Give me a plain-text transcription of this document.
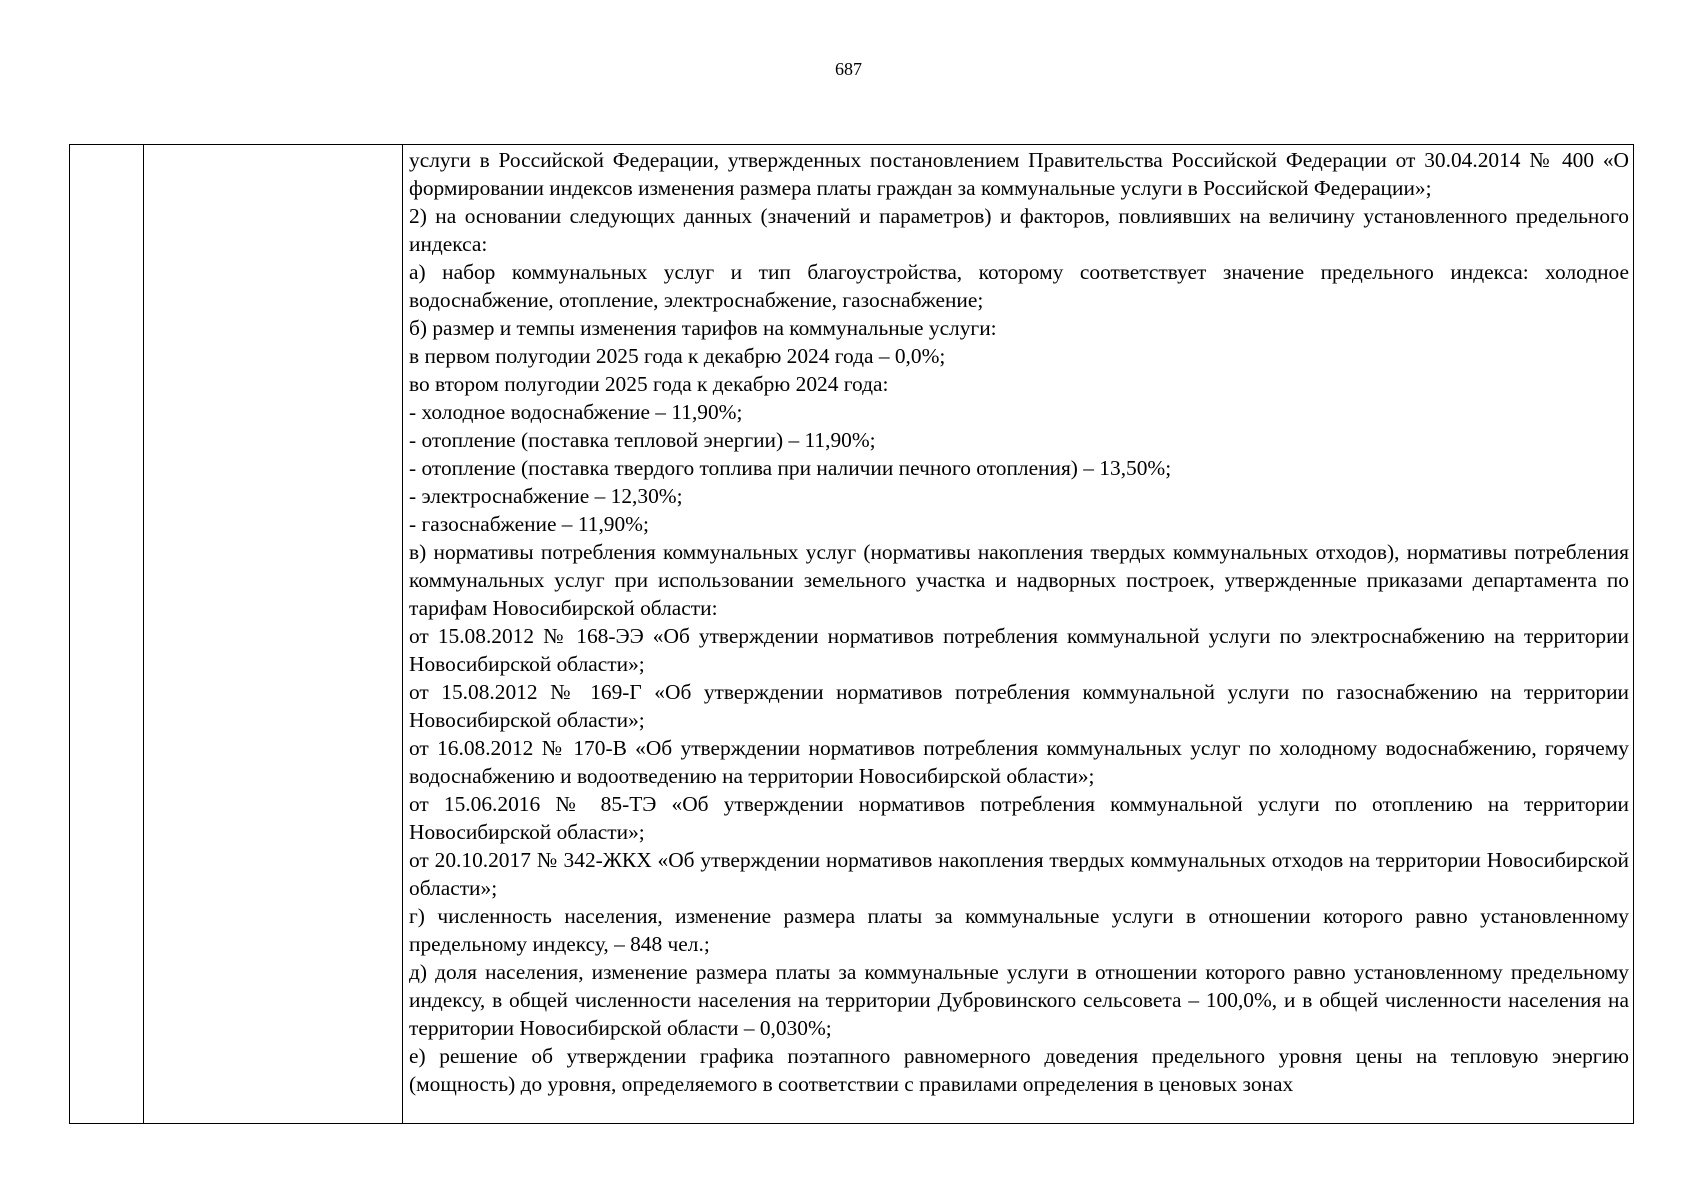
687

услуги в Российской Федерации, утвержденных постановлением Правительства Российской Федерации от 30.04.2014 № 400 «О формировании индексов изменения размера платы граждан за коммунальные услуги в Российской Федерации»;

2) на основании следующих данных (значений и параметров) и факторов, повлиявших на величину установленного предельного индекса:

а) набор коммунальных услуг и тип благоустройства, которому соответствует значение предельного индекса: холодное водоснабжение, отопление, электроснабжение, газоснабжение;

б) размер и темпы изменения тарифов на коммунальные услуги:

в первом полугодии 2025 года к декабрю 2024 года – 0,0%;

во втором полугодии 2025 года к декабрю 2024 года:

- холодное водоснабжение – 11,90%;

- отопление (поставка тепловой энергии) – 11,90%;

- отопление (поставка твердого топлива при наличии печного отопления) – 13,50%;

- электроснабжение – 12,30%;

- газоснабжение – 11,90%;

в) нормативы потребления коммунальных услуг (нормативы накопления твердых коммунальных отходов), нормативы потребления коммунальных услуг при использовании земельного участка и надворных построек, утвержденные приказами департамента по тарифам Новосибирской области:

от 15.08.2012 № 168-ЭЭ «Об утверждении нормативов потребления коммунальной услуги по электроснабжению на территории Новосибирской области»;

от 15.08.2012 № 169-Г «Об утверждении нормативов потребления коммунальной услуги по газоснабжению на территории Новосибирской области»;

от 16.08.2012 № 170-В «Об утверждении нормативов потребления коммунальных услуг по холодному водоснабжению, горячему водоснабжению и водоотведению на территории Новосибирской области»;

от 15.06.2016 № 85-ТЭ «Об утверждении нормативов потребления коммунальной услуги по отоплению на территории Новосибирской области»;

от 20.10.2017 № 342-ЖКХ «Об утверждении нормативов накопления твердых коммунальных отходов на территории Новосибирской области»;

г) численность населения, изменение размера платы за коммунальные услуги в отношении которого равно установленному предельному индексу, – 848 чел.;

д) доля населения, изменение размера платы за коммунальные услуги в отношении которого равно установленному предельному индексу, в общей численности населения на территории Дубровинского сельсовета – 100,0%, и в общей численности населения на территории Новосибирской области – 0,030%;

е) решение об утверждении графика поэтапного равномерного доведения предельного уровня цены на тепловую энергию (мощность) до уровня, определяемого в соответствии с правилами определения в ценовых зонах
